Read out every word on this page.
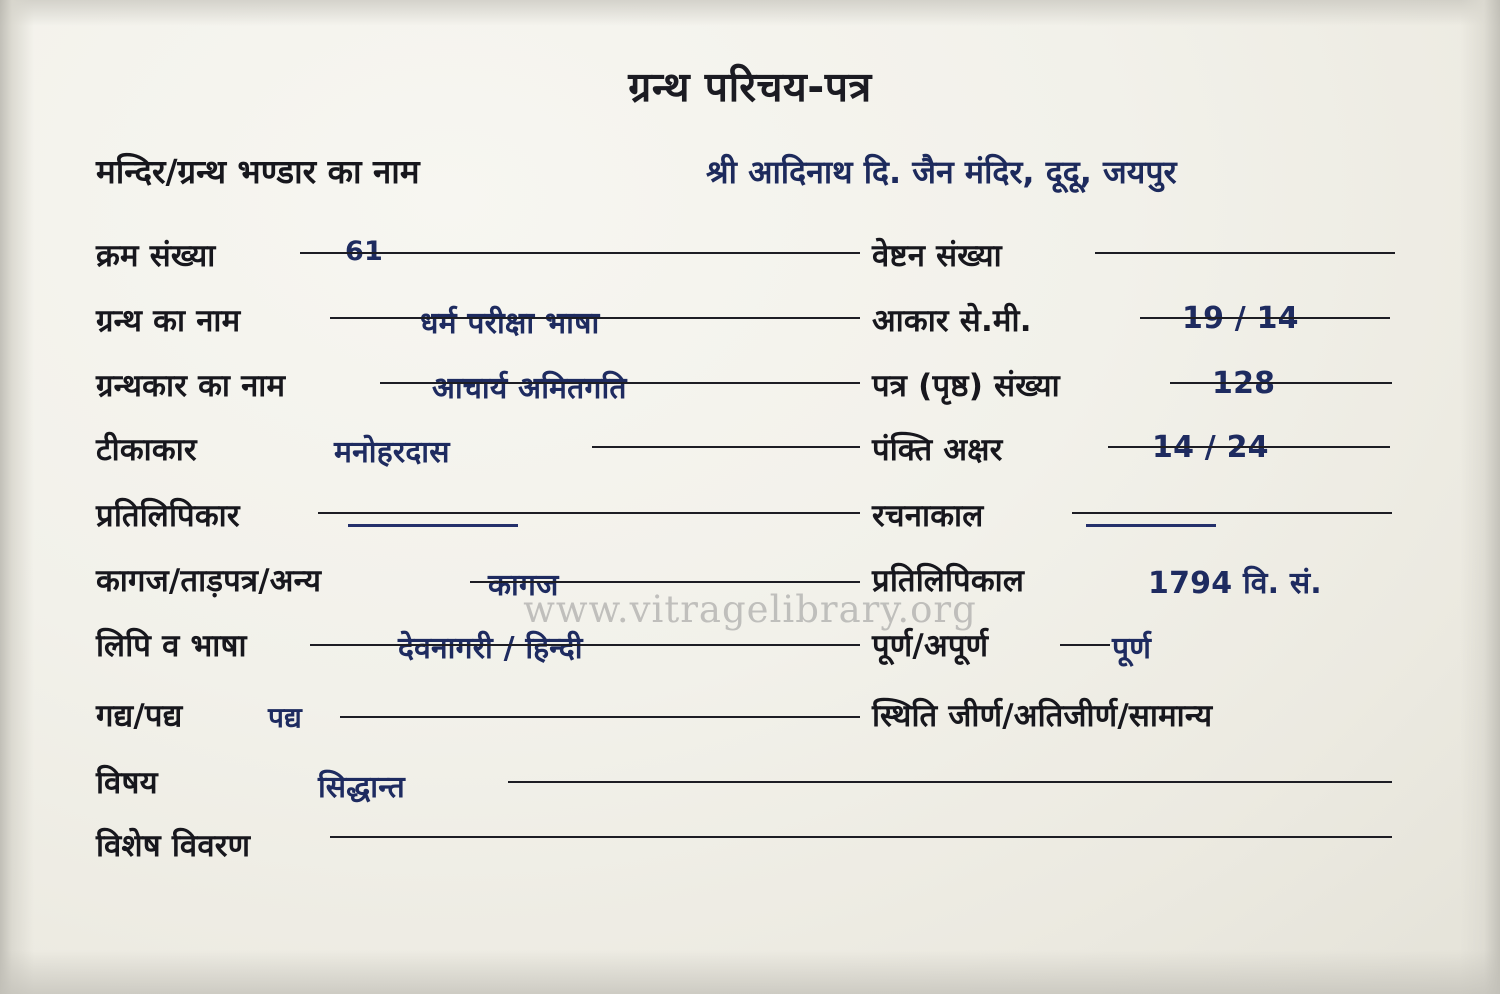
ग्रन्थ परिचय-पत्र
मन्दिर/ग्रन्थ भण्डार का नाम	श्री आदिनाथ दि. जैन मंदिर, दूदू, जयपुर
क्रम संख्या	61	वेष्टन संख्या
ग्रन्थ का नाम	धर्म परीक्षा भाषा	आकार से.मी.	19 / 14
ग्रन्थकार का नाम	आचार्य अमितगति	पत्र (पृष्ठ) संख्या	128
टीकाकार	मनोहरदास	पंक्ति अक्षर	14 / 24
प्रतिलिपिकार	रचनाकाल
कागज/ताड़पत्र/अन्य	कागज	प्रतिलिपिकाल	1794 वि. सं.
लिपि व भाषा	देवनागरी / हिन्दी	पूर्ण/अपूर्ण	पूर्ण
गद्य/पद्य	पद्य	स्थिति जीर्ण/अतिजीर्ण/सामान्य
विषय	सिद्धान्त
विशेष विवरण
www.vitragelibrary.org
